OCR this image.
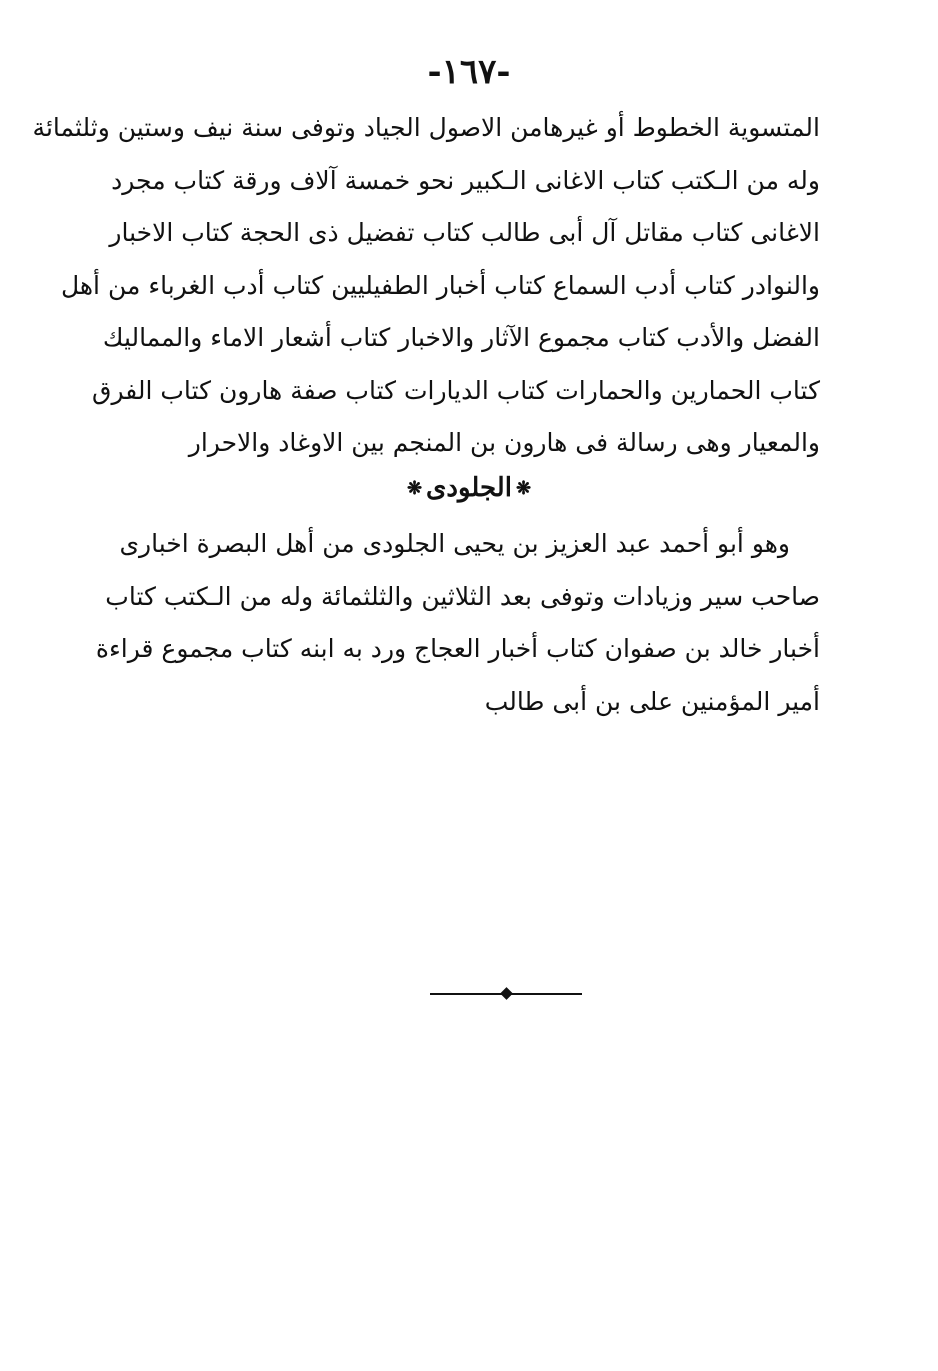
-١٦٧-
المتسوية الخطوط أو غيرهامن الاصول الجياد وتوفى سنة نيف وستين وثلثمائة
وله من الـكتب كتاب الاغانى الـكبير نحو خمسة آلاف ورقة كتاب مجرد
الاغانى كتاب مقاتل آل أبى طالب كتاب تفضيل ذى الحجة كتاب الاخبار
والنوادر كتاب أدب السماع كتاب أخبار الطفيليين كتاب أدب الغرباء من أهل
الفضل والأدب كتاب مجموع الآثار والاخبار كتاب أشعار الاماء والمماليك
كتاب الحمارين والحمارات كتاب الديارات كتاب صفة هارون كتاب الفرق
والمعيار وهى رسالة فى هارون بن المنجم بين الاوغاد والاحرار
❋الجلودى❋
وهو أبو أحمد عبد العزيز بن يحيى الجلودى من أهل البصرة اخبارى
صاحب سير وزيادات وتوفى بعد الثلاثين والثلثمائة وله من الـكتب كتاب
أخبار خالد بن صفوان كتاب أخبار العجاج ورد به ابنه كتاب مجموع قراءة
أمير المؤمنين على بن أبى طالب
